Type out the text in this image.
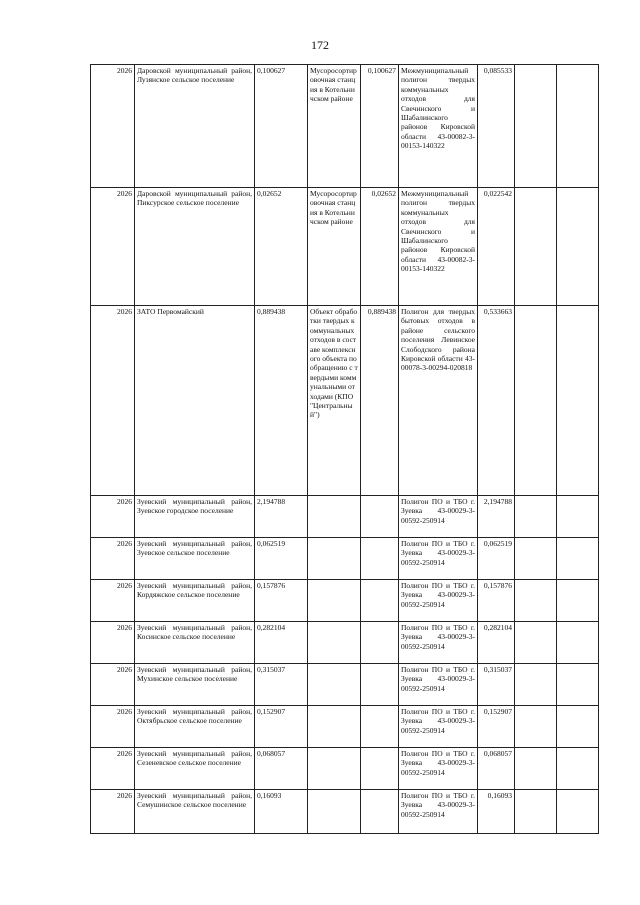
172
2026	Даровской муниципальный район, Лузянское сельское поселение	0,100627	Мусоросортировочная станция в Котельничском районе	0,100627	Межмуниципальный полигон твердых коммунальных отходов для Свечинского и Шабалинского районов Кировской области 43-00082-3-00153-140322	0,085533		
2026	Даровской муниципальный район, Пиксурское сельское поселение	0,02652	Мусоросортировочная станция в Котельничском районе	0,02652	Межмуниципальный полигон твердых коммунальных отходов для Свечинского и Шабалинского районов Кировской области 43-00082-3-00153-140322	0,022542		
2026	ЗАТО Первомайский	0,889438	Объект обработки твердых коммунальных отходов в составе комплексного объекта по обращению с твердыми коммунальными отходами (КПО "Центральный")	0,889438	Полигон для твердых бытовых отходов в районе сельского поселения Левинское Слободского района Кировской области 43-00078-3-00294-020818	0,533663		
2026	Зуевский муниципальный район, Зуевское городское поселение	2,194788			Полигон ПО и ТБО г. Зуевка 43-00029-3-00592-250914	2,194788		
2026	Зуевский муниципальный район, Зуевское сельское поселение	0,062519			Полигон ПО и ТБО г. Зуевка 43-00029-3-00592-250914	0,062519		
2026	Зуевский муниципальный район, Кордяжское сельское поселение	0,157876			Полигон ПО и ТБО г. Зуевка 43-00029-3-00592-250914	0,157876		
2026	Зуевский муниципальный район, Косинское сельское поселение	0,282104			Полигон ПО и ТБО г. Зуевка 43-00029-3-00592-250914	0,282104		
2026	Зуевский муниципальный район, Мухинское сельское поселение	0,315037			Полигон ПО и ТБО г. Зуевка 43-00029-3-00592-250914	0,315037		
2026	Зуевский муниципальный район, Октябрьское сельское поселение	0,152907			Полигон ПО и ТБО г. Зуевка 43-00029-3-00592-250914	0,152907		
2026	Зуевский муниципальный район, Сезеневское сельское поселение	0,068057			Полигон ПО и ТБО г. Зуевка 43-00029-3-00592-250914	0,068057		
2026	Зуевский муниципальный район, Семушинское сельское поселение	0,16093			Полигон ПО и ТБО г. Зуевка 43-00029-3-00592-250914	0,16093		
